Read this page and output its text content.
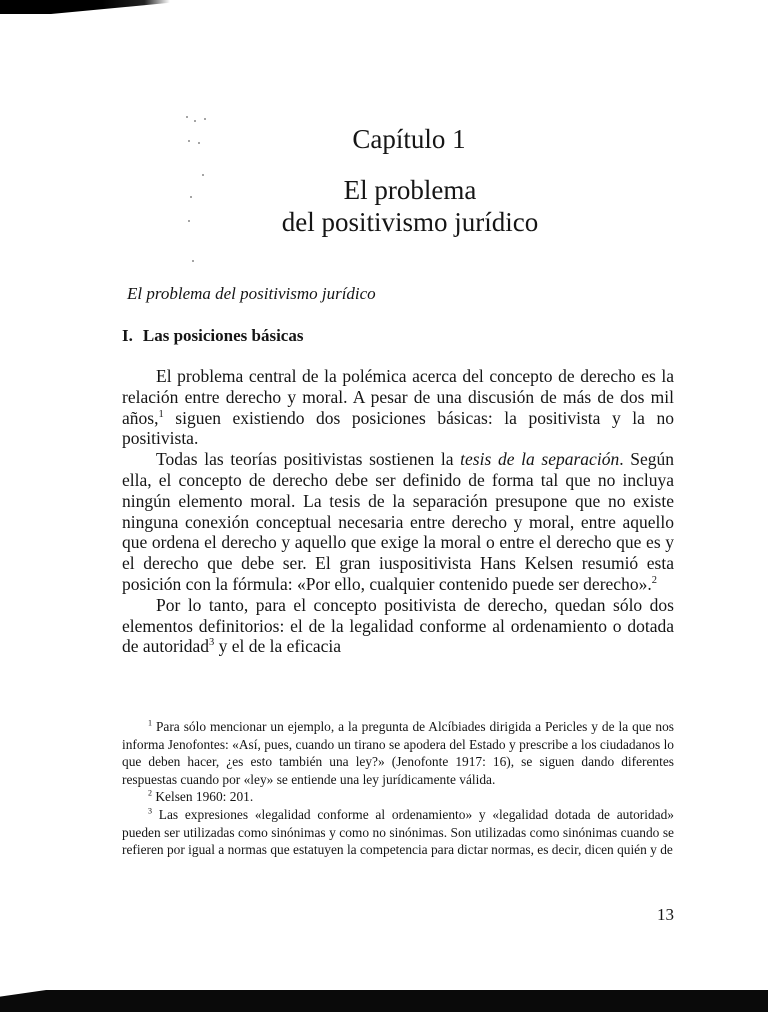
Capítulo 1
El problema
del positivismo jurídico
El problema del positivismo jurídico
I. Las posiciones básicas

El problema central de la polémica acerca del concepto de derecho es la relación entre derecho y moral. A pesar de una discusión de más de dos mil años,$^1$ siguen existiendo dos posiciones básicas: la positivista y la no positivista.

Todas las teorías positivistas sostienen la tesis de la separación. Según ella, el concepto de derecho debe ser definido de forma tal que no incluya ningún elemento moral. La tesis de la separación presupone que no existe ninguna conexión conceptual necesaria entre derecho y moral, entre aquello que ordena el derecho y aquello que exige la moral o entre el derecho que es y el derecho que debe ser. El gran iuspositivista Hans Kelsen resumió esta posición con la fórmula: «Por ello, cualquier contenido puede ser derecho».$^2$

Por lo tanto, para el concepto positivista de derecho, quedan sólo dos elementos definitorios: el de la legalidad conforme al ordenamiento o dotada de autoridad$^3$ y el de la eficacia

$^1$ Para sólo mencionar un ejemplo, a la pregunta de Alcíbiades dirigida a Pericles y de la que nos informa Jenofontes: «Así, pues, cuando un tirano se apodera del Estado y prescribe a los ciudadanos lo que deben hacer, ¿es esto también una ley?» (Jenofonte 1917: 16), se siguen dando diferentes respuestas cuando por «ley» se entiende una ley jurídicamente válida.

$^2$ Kelsen 1960: 201.

$^3$ Las expresiones «legalidad conforme al ordenamiento» y «legalidad dotada de autoridad» pueden ser utilizadas como sinónimas y como no sinónimas. Son utilizadas como sinónimas cuando se refieren por igual a normas que estatuyen la competencia para dictar normas, es decir, dicen quién y de

13
